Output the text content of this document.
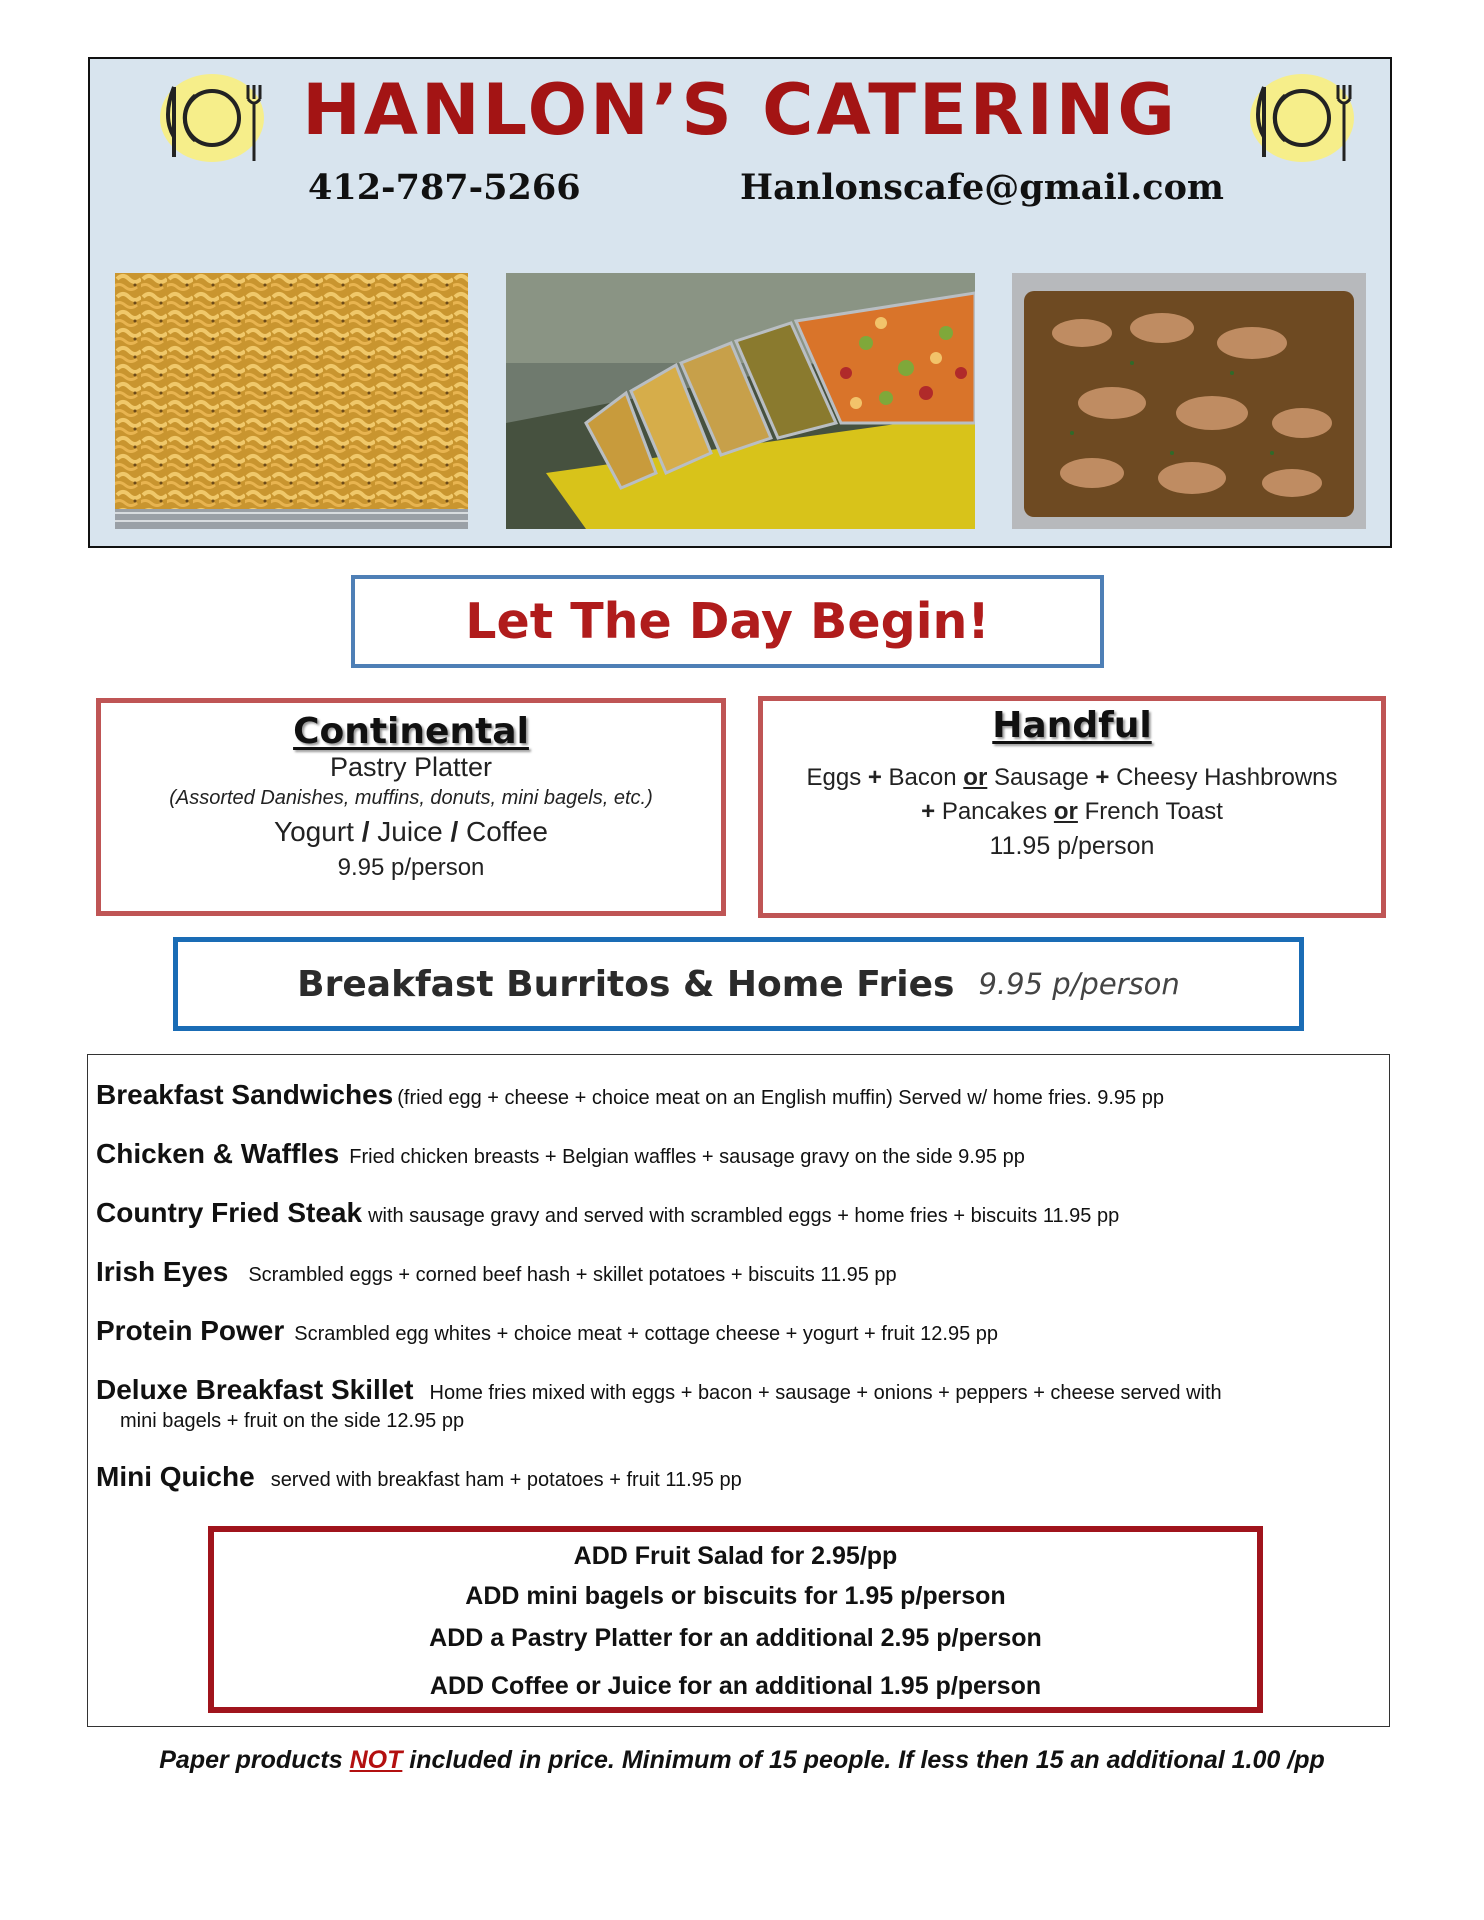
HANLON’S CATERING
412-787-5266	Hanlonscafe@gmail.com
Let The Day Begin!
Continental
Pastry Platter
(Assorted Danishes, muffins, donuts, mini bagels, etc.)
Yogurt / Juice / Coffee
9.95 p/person
Handful
Eggs + Bacon or Sausage + Cheesy Hashbrowns
+ Pancakes or French Toast
11.95 p/person
Breakfast Burritos & Home Fries 9.95 p/person
Breakfast Sandwiches (fried egg + cheese + choice meat on an English muffin) Served w/ home fries. 9.95 pp
Chicken & Waffles Fried chicken breasts + Belgian waffles + sausage gravy on the side 9.95 pp
Country Fried Steak with sausage gravy and served with scrambled eggs + home fries + biscuits 11.95 pp
Irish Eyes Scrambled eggs + corned beef hash + skillet potatoes + biscuits 11.95 pp
Protein Power Scrambled egg whites + choice meat + cottage cheese + yogurt + fruit 12.95 pp
Deluxe Breakfast Skillet Home fries mixed with eggs + bacon + sausage + onions + peppers + cheese served with
mini bagels + fruit on the side 12.95 pp
Mini Quiche served with breakfast ham + potatoes + fruit 11.95 pp
ADD Fruit Salad for 2.95/pp
ADD mini bagels or biscuits for 1.95 p/person
ADD a Pastry Platter for an additional 2.95 p/person
ADD Coffee or Juice for an additional 1.95 p/person
Paper products NOT included in price. Minimum of 15 people. If less then 15 an additional 1.00 /pp
